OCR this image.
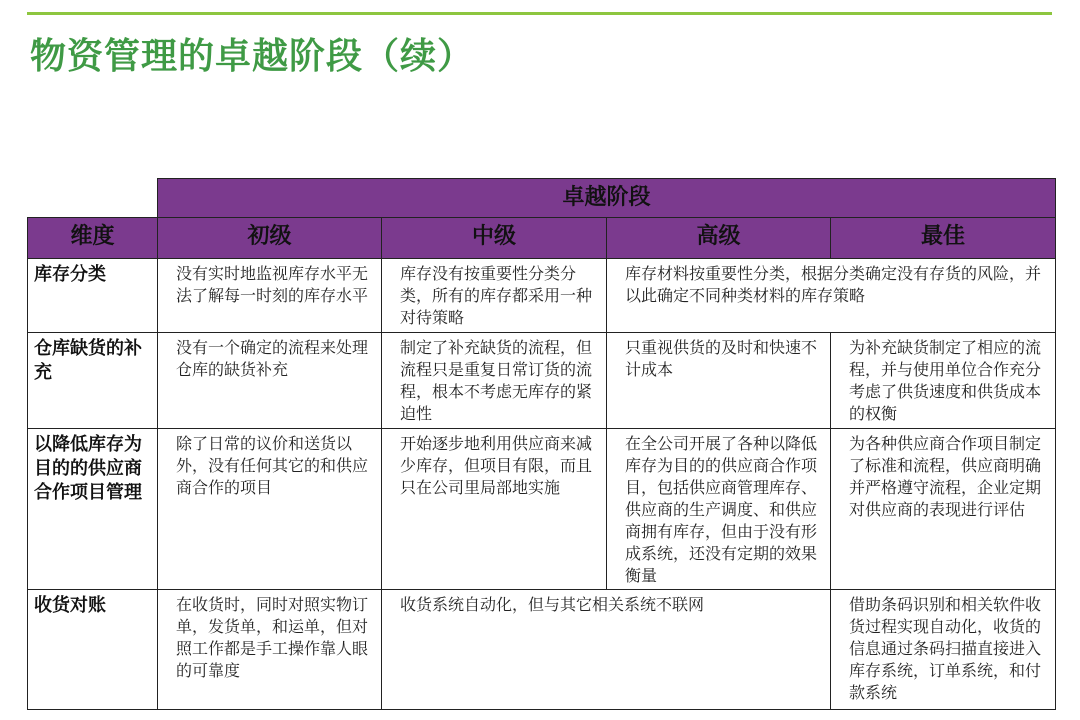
物资管理的卓越阶段（续）
	卓越阶段			
维度	初级	中级	高级	最佳
库存分类	没有实时地监视库存水平无法了解每一时刻的库存水平	库存没有按重要性分类分类，所有的库存都采用一种对待策略	库存材料按重要性分类，根据分类确定没有存货的风险，并以此确定不同种类材料的库存策略	
仓库缺货的补充	没有一个确定的流程来处理仓库的缺货补充	制定了补充缺货的流程，但流程只是重复日常订货的流程，根本不考虑无库存的紧迫性	只重视供货的及时和快速不计成本	为补充缺货制定了相应的流程，并与使用单位合作充分考虑了供货速度和供货成本的权衡
以降低库存为目的的供应商合作项目管理	除了日常的议价和送货以外，没有任何其它的和供应商合作的项目	开始逐步地利用供应商来减少库存，但项目有限，而且只在公司里局部地实施	在全公司开展了各种以降低库存为目的的供应商合作项目，包括供应商管理库存、供应商的生产调度、和供应商拥有库存，但由于没有形成系统，还没有定期的效果衡量	为各种供应商合作项目制定了标准和流程，供应商明确并严格遵守流程，企业定期对供应商的表现进行评估
收货对账	在收货时，同时对照实物订单，发货单，和运单，但对照工作都是手工操作靠人眼的可靠度	收货系统自动化，但与其它相关系统不联网		借助条码识别和相关软件收货过程实现自动化，收货的信息通过条码扫描直接进入库存系统，订单系统，和付款系统
